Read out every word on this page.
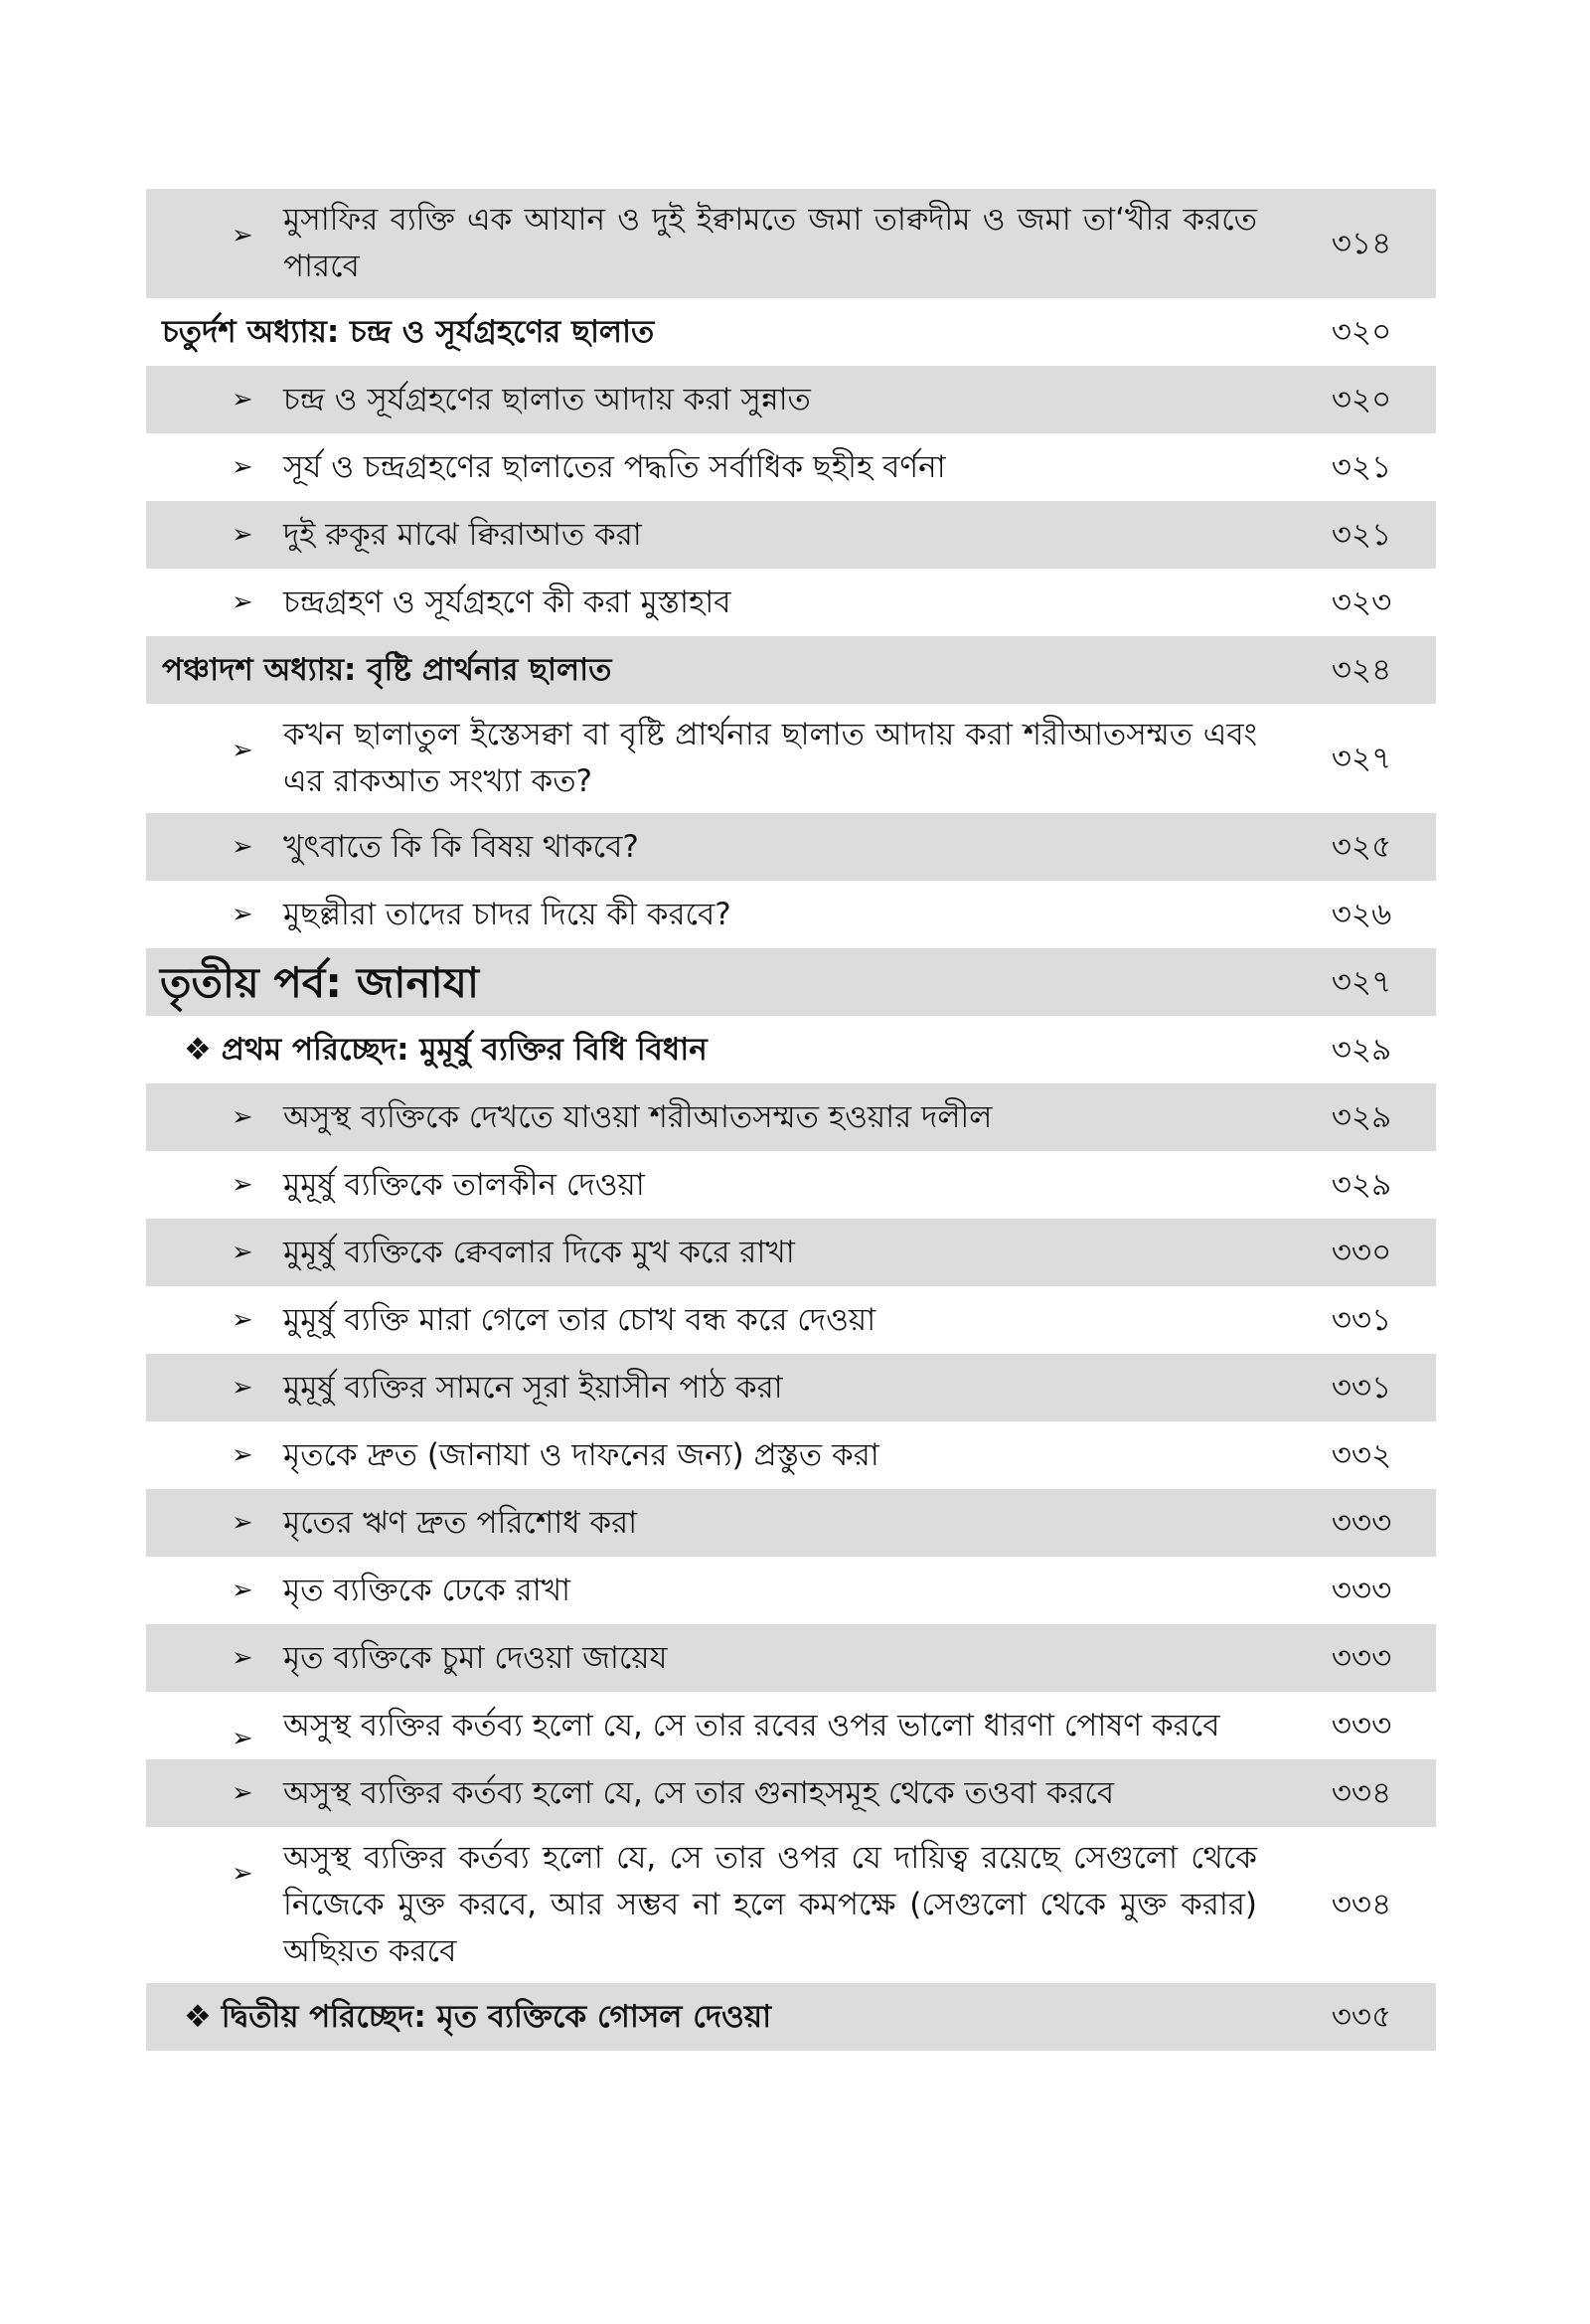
➢ মুসাফির ব্যক্তি এক আযান ও দুই ইক্বামতে জমা তাক্বদীম ও জমা তা‘খীর করতে পারবে
৩১৪
চতুর্দশ অধ্যায়: চন্দ্র ও সূর্যগ্রহণের ছালাত	৩২০
➢ চন্দ্র ও সূর্যগ্রহণের ছালাত আদায় করা সুন্নাত	৩২০
➢ সূর্য ও চন্দ্রগ্রহণের ছালাতের পদ্ধতি সর্বাধিক ছহীহ বর্ণনা	৩২১
➢ দুই রুকূর মাঝে ক্বিরাআত করা	৩২১
➢ চন্দ্রগ্রহণ ও সূর্যগ্রহণে কী করা মুস্তাহাব	৩২৩
পঞ্চাদশ অধ্যায়: বৃষ্টি প্রার্থনার ছালাত	৩২৪
➢ কখন ছালাতুল ইস্তেসক্বা বা বৃষ্টি প্রার্থনার ছালাত আদায় করা শরীআতসম্মত এবং এর রাকআত সংখ্যা কত?
৩২৭
➢ খুৎবাতে কি কি বিষয় থাকবে?	৩২৫
➢ মুছল্লীরা তাদের চাদর দিয়ে কী করবে?	৩২৬
তৃতীয় পর্ব: জানাযা	৩২৭
❖ প্রথম পরিচ্ছেদ: মুমূর্ষু ব্যক্তির বিধি বিধান	৩২৯
➢ অসুস্থ ব্যক্তিকে দেখতে যাওয়া শরীআতসম্মত হওয়ার দলীল	৩২৯
➢ মুমূর্ষু ব্যক্তিকে তালকীন দেওয়া	৩২৯
➢ মুমূর্ষু ব্যক্তিকে ক্বেবলার দিকে মুখ করে রাখা	৩৩০
➢ মুমূর্ষু ব্যক্তি মারা গেলে তার চোখ বন্ধ করে দেওয়া	৩৩১
➢ মুমূর্ষু ব্যক্তির সামনে সূরা ইয়াসীন পাঠ করা	৩৩১
➢ মৃতকে দ্রুত (জানাযা ও দাফনের জন্য) প্রস্তুত করা	৩৩২
➢ মৃতের ঋণ দ্রুত পরিশোধ করা	৩৩৩
➢ মৃত ব্যক্তিকে ঢেকে রাখা	৩৩৩
➢ মৃত ব্যক্তিকে চুমা দেওয়া জায়েয	৩৩৩
➢ অসুস্থ ব্যক্তির কর্তব্য হলো যে, সে তার রবের ওপর ভালো ধারণা পোষণ করবে	৩৩৩
➢ অসুস্থ ব্যক্তির কর্তব্য হলো যে, সে তার গুনাহসমূহ থেকে তওবা করবে	৩৩৪
➢ অসুস্থ ব্যক্তির কর্তব্য হলো যে, সে তার ওপর যে দায়িত্ব রয়েছে সেগুলো থেকে নিজেকে মুক্ত করবে, আর সম্ভব না হলে কমপক্ষে (সেগুলো থেকে মুক্ত করার) অছিয়ত করবে
৩৩৪
❖ দ্বিতীয় পরিচ্ছেদ: মৃত ব্যক্তিকে গোসল দেওয়া	৩৩৫
